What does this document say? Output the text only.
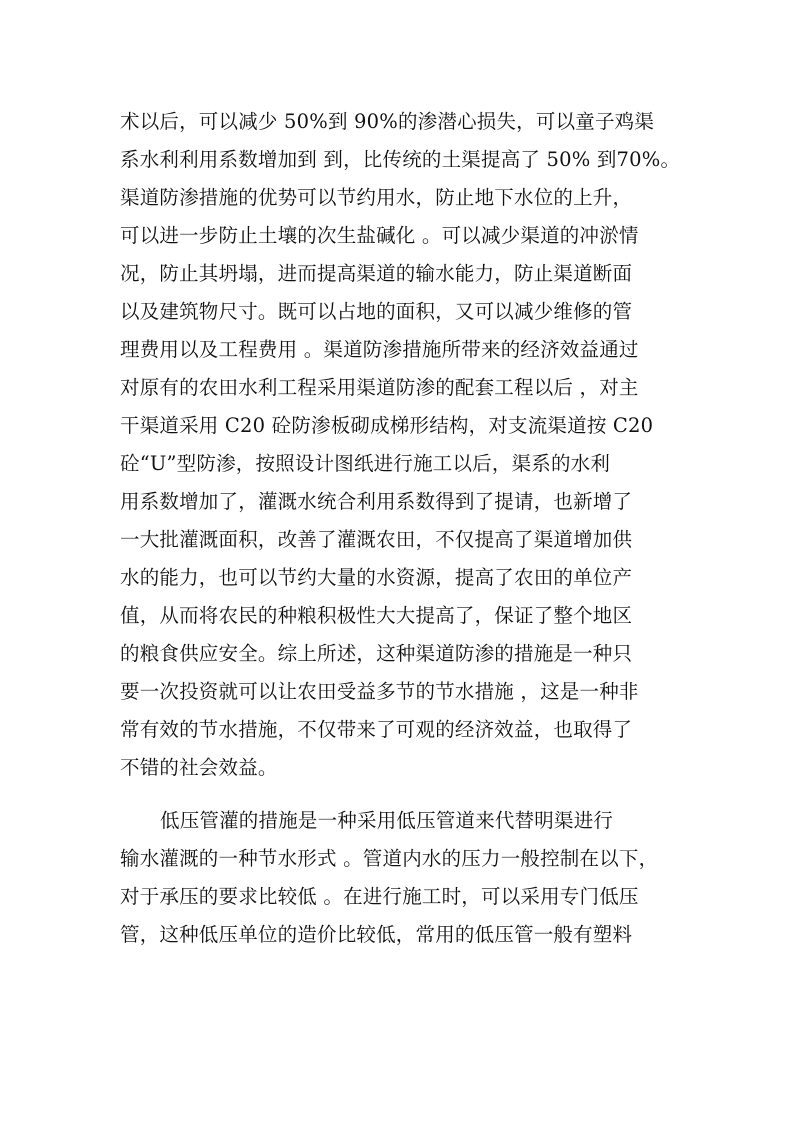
术以后，可以减少 50%到 90%的渗潜心损失，可以童子鸡渠
系水利利用系数增加到 到，比传统的土渠提高了 50% 到70%。
渠道防渗措施的优势可以节约用水，防止地下水位的上升，
可以进一步防止土壤的次生盐碱化 。可以减少渠道的冲淤情
况，防止其坍塌，进而提高渠道的输水能力，防止渠道断面
以及建筑物尺寸。既可以占地的面积，又可以减少维修的管
理费用以及工程费用 。渠道防渗措施所带来的经济效益通过
对原有的农田水利工程采用渠道防渗的配套工程以后 ，对主
干渠道采用 C20 砼防渗板砌成梯形结构，对支流渠道按 C20
砼“U”型防渗，按照设计图纸进行施工以后，渠系的水利
用系数增加了，灌溉水统合利用系数得到了提请，也新增了
一大批灌溉面积，改善了灌溉农田，不仅提高了渠道增加供
水的能力，也可以节约大量的水资源，提高了农田的单位产
值，从而将农民的种粮积极性大大提高了，保证了整个地区
的粮食供应安全。综上所述，这种渠道防渗的措施是一种只
要一次投资就可以让农田受益多节的节水措施 ，这是一种非
常有效的节水措施，不仅带来了可观的经济效益，也取得了
不错的社会效益。
低压管灌的措施是一种采用低压管道来代替明渠进行
输水灌溉的一种节水形式 。管道内水的压力一般控制在以下，
对于承压的要求比较低 。在进行施工时，可以采用专门低压
管，这种低压单位的造价比较低，常用的低压管一般有塑料
